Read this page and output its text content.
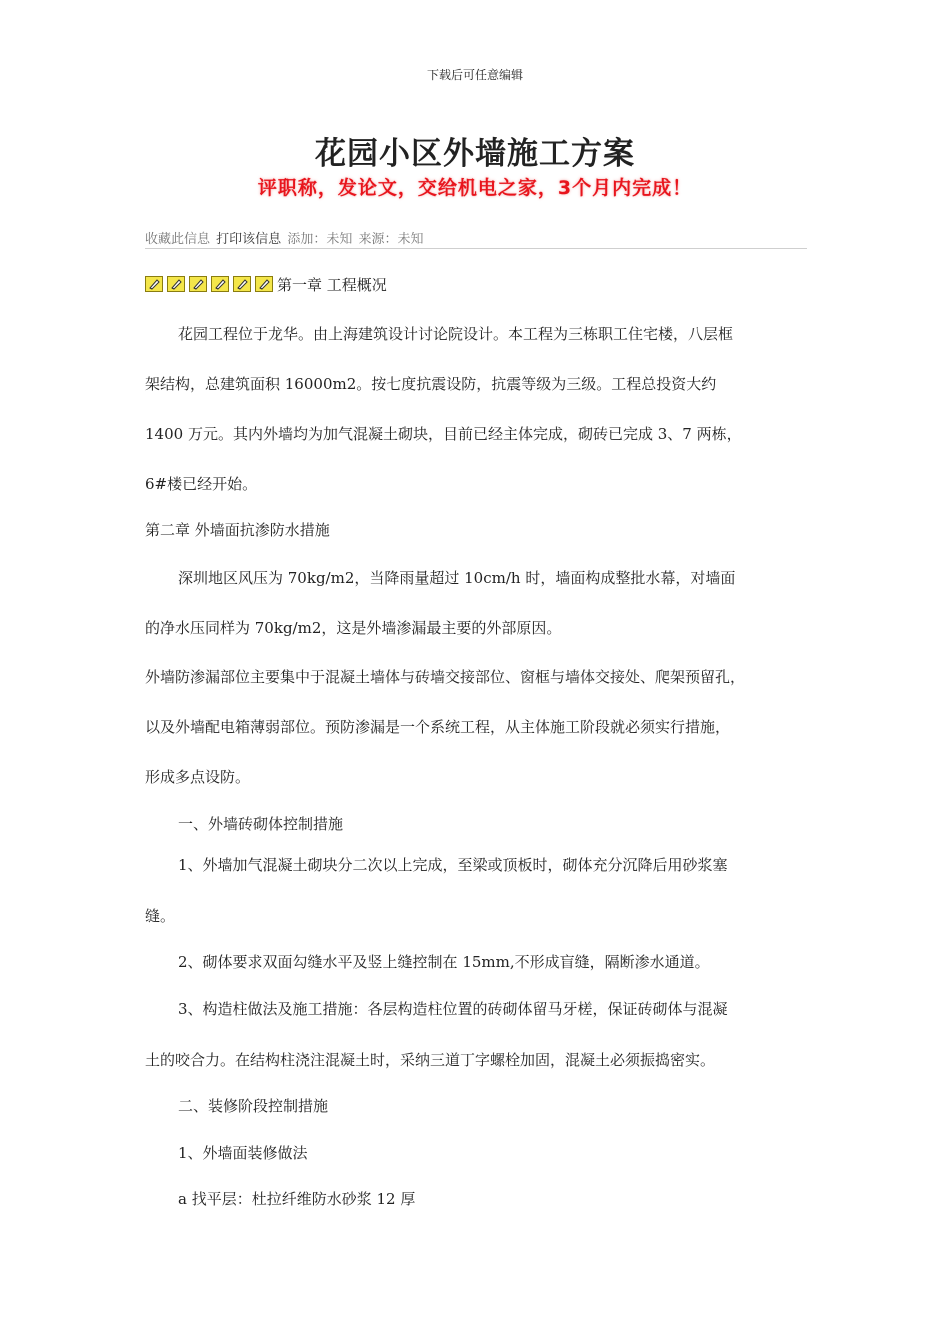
下载后可任意编辑
花园小区外墙施工方案
评职称，发论文，交给机电之家，3个月内完成！
收藏此信息 打印该信息 添加：未知 来源：未知
第一章 工程概况
花园工程位于龙华。由上海建筑设计讨论院设计。本工程为三栋职工住宅楼，八层框
架结构，总建筑面积 16000m2。按七度抗震设防，抗震等级为三级。工程总投资大约
1400 万元。其内外墙均为加气混凝土砌块，目前已经主体完成，砌砖已完成 3、7 两栋，
6#楼已经开始。
第二章 外墙面抗渗防水措施
深圳地区风压为 70kg/m2，当降雨量超过 10cm/h 时，墙面构成整批水幕，对墙面
的净水压同样为 70kg/m2，这是外墙渗漏最主要的外部原因。
外墙防渗漏部位主要集中于混凝土墙体与砖墙交接部位、窗框与墙体交接处、爬架预留孔，
以及外墙配电箱薄弱部位。预防渗漏是一个系统工程，从主体施工阶段就必须实行措施，
形成多点设防。
一、外墙砖砌体控制措施
1、外墙加气混凝土砌块分二次以上完成，至梁或顶板时，砌体充分沉降后用砂浆塞
缝。
2、砌体要求双面勾缝水平及竖上缝控制在 15mm,不形成盲缝，隔断渗水通道。
3、构造柱做法及施工措施：各层构造柱位置的砖砌体留马牙槎，保证砖砌体与混凝
土的咬合力。在结构柱浇注混凝土时，采纳三道丁字螺栓加固，混凝土必须振捣密实。
二、装修阶段控制措施
1、外墙面装修做法
a 找平层：杜拉纤维防水砂浆 12 厚
